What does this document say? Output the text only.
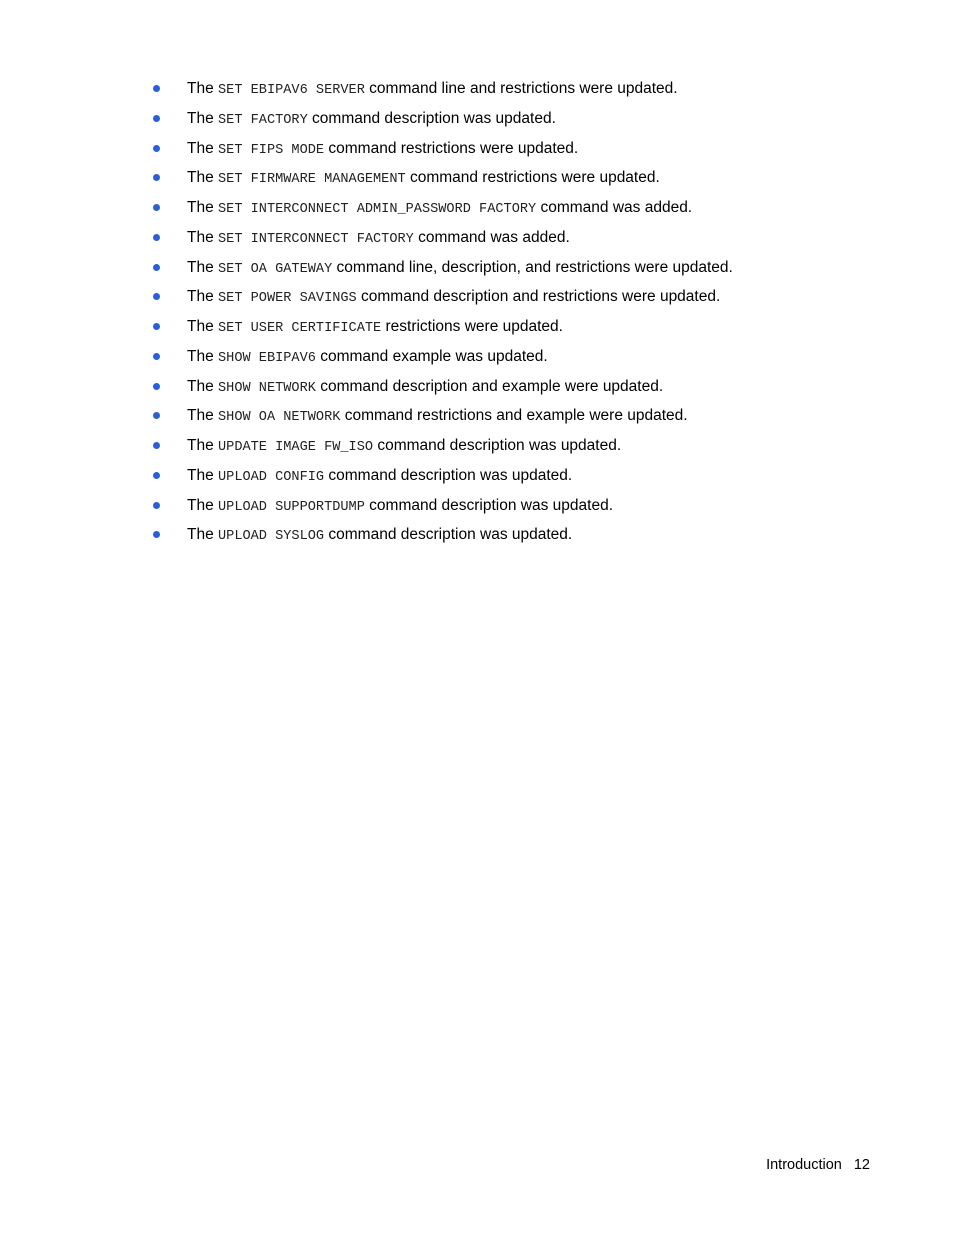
The SET EBIPAV6 SERVER command line and restrictions were updated.
The SET FACTORY command description was updated.
The SET FIPS MODE command restrictions were updated.
The SET FIRMWARE MANAGEMENT command restrictions were updated.
The SET INTERCONNECT ADMIN_PASSWORD FACTORY command was added.
The SET INTERCONNECT FACTORY command was added.
The SET OA GATEWAY command line, description, and restrictions were updated.
The SET POWER SAVINGS command description and restrictions were updated.
The SET USER CERTIFICATE restrictions were updated.
The SHOW EBIPAV6 command example was updated.
The SHOW NETWORK command description and example were updated.
The SHOW OA NETWORK command restrictions and example were updated.
The UPDATE IMAGE FW_ISO command description was updated.
The UPLOAD CONFIG command description was updated.
The UPLOAD SUPPORTDUMP command description was updated.
The UPLOAD SYSLOG command description was updated.
Introduction 12
